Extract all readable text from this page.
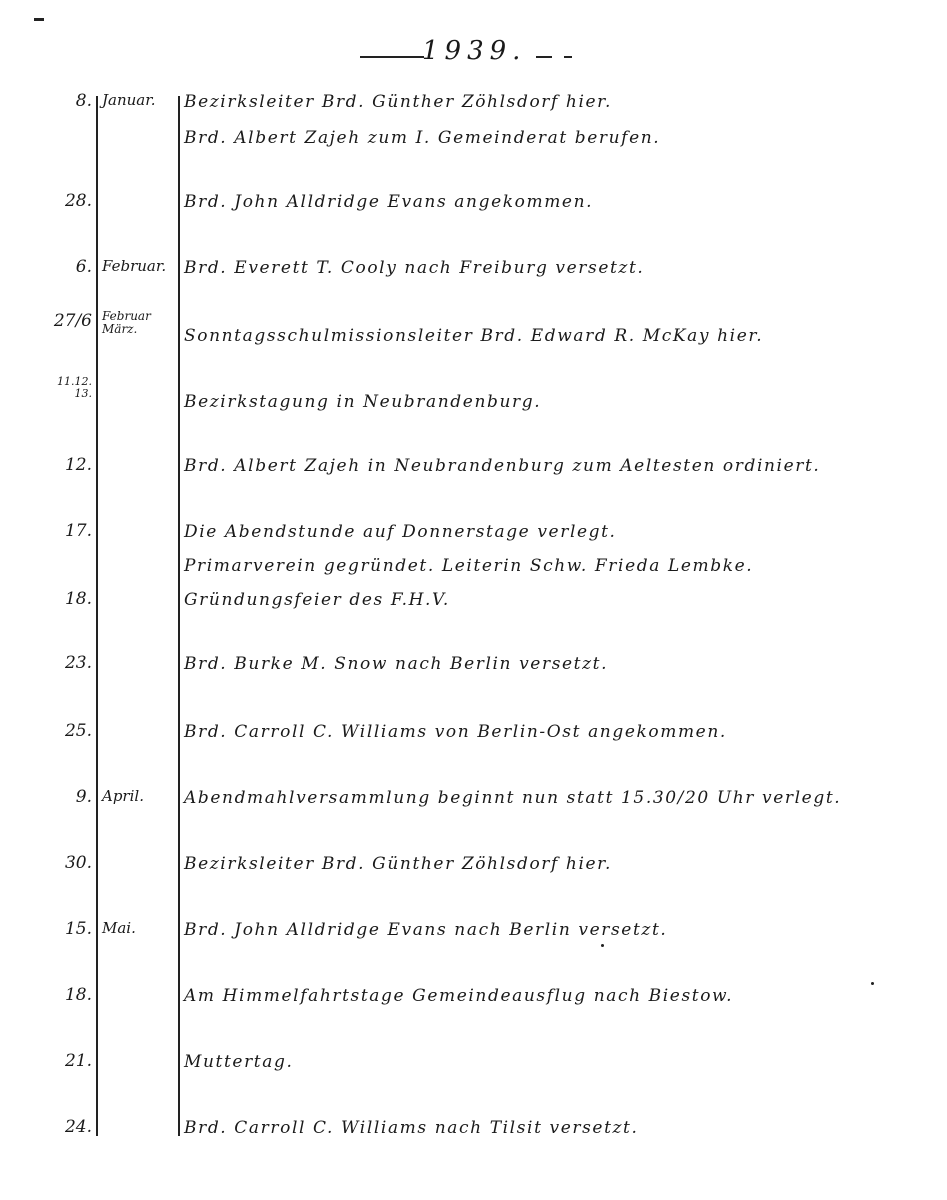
1939.
8. Januar. Bezirksleiter Brd. Günther Zöhlsdorf hier.
Brd. Albert Zajeh zum I. Gemeinderat berufen.
28.	Brd. John Alldridge Evans angekommen.
6. Februar. Brd. Everett T. Cooly nach Freiburg versetzt.
27/6 Februar März.	Sonntagsschulmissionsleiter Brd. Edward R. McKay hier.
11.12. 13.	Bezirkstagung in Neubrandenburg.
12.	Brd. Albert Zajeh in Neubrandenburg zum Aeltesten ordiniert.
17.	Die Abendstunde auf Donnerstage verlegt.
Primarverein gegründet. Leiterin Schw. Frieda Lembke.
18.	Gründungsfeier des F.H.V.
23.	Brd. Burke M. Snow nach Berlin versetzt.
25.	Brd. Carroll C. Williams von Berlin-Ost angekommen.
9. April. Abendmahlversammlung beginnt nun statt 15.30/20 Uhr verlegt.
30.	Bezirksleiter Brd. Günther Zöhlsdorf hier.
15. Mai.	Brd. John Alldridge Evans nach Berlin versetzt.
18.	Am Himmelfahrtstage Gemeindeausflug nach Biestow.
21.	Muttertag.
24.	Brd. Carroll C. Williams nach Tilsit versetzt.
